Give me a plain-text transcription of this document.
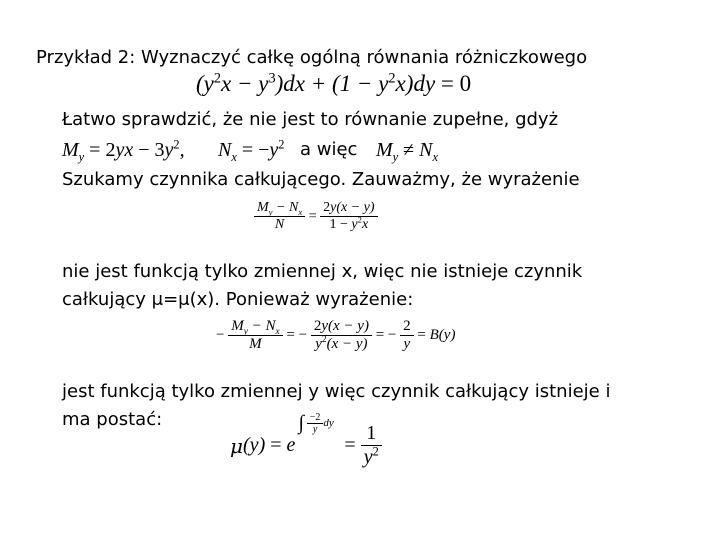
Przykład 2: Wyznaczyć całkę ogólną równania różniczkowego
$(y^2x - y^3)dx + (1 - y^2x)dy = 0$
Łatwo sprawdzić, że nie jest to równanie zupełne, gdyż
$M_y = 2yx - 3y^2$, $N_x = -y^2$ a więc $M_y \ne N_x$
Szukamy czynnika całkującego. Zauważmy, że wyrażenie
$\frac{M_y - N_x}{N} = \frac{2y(x - y)}{1 - y^2x}$
nie jest funkcją tylko zmiennej x, więc nie istnieje czynnik
całkujący μ=μ(x). Ponieważ wyrażenie:
− $\frac{M_y - N_x}{M}$ = − $\frac{2y(x - y)}{y^2(x - y)}$ = − $\frac{2}{y} = B(y)$
jest funkcją tylko zmiennej y więc czynnik całkujący istnieje i
ma postać:
μ(y) = e
∫ $\frac{-2}{y}$ dy
= $\frac{1}{y^2}$
